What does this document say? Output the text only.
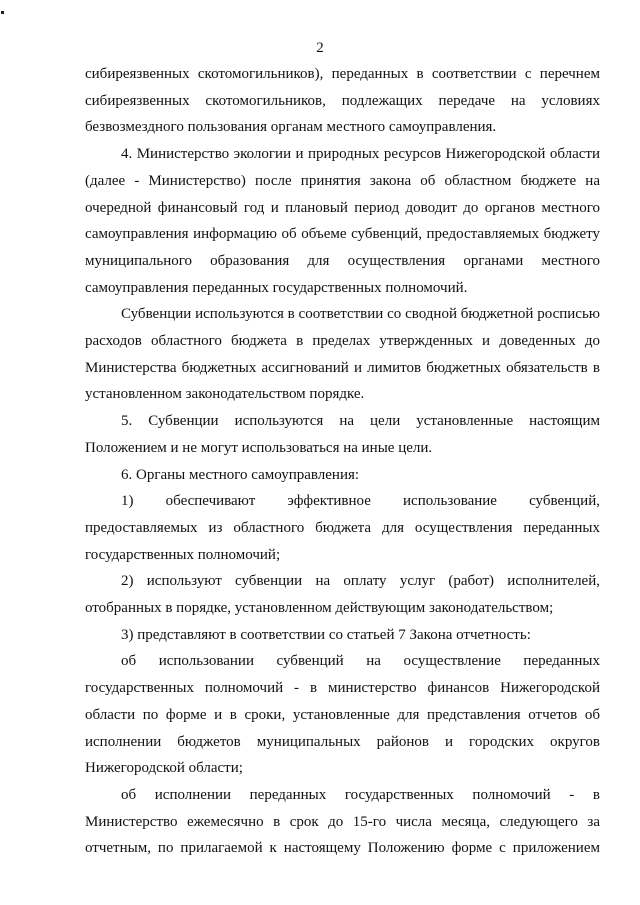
2

сибиреязвенных скотомогильников), переданных в соответствии с перечнем сибиреязвенных скотомогильников, подлежащих передаче на условиях безвозмездного пользования органам местного самоуправления.

4. Министерство экологии и природных ресурсов Нижегородской области (далее - Министерство) после принятия закона об областном бюджете на очередной финансовый год и плановый период доводит до органов местного самоуправления информацию об объеме субвенций, предоставляемых бюджету муниципального образования для осуществления органами местного самоуправления переданных государственных полномочий.

Субвенции используются в соответствии со сводной бюджетной росписью расходов областного бюджета в пределах утвержденных и доведенных до Министерства бюджетных ассигнований и лимитов бюджетных обязательств в установленном законодательством порядке.

5. Субвенции используются на цели установленные настоящим Положением и не могут использоваться на иные цели.

6. Органы местного самоуправления:

1) обеспечивают эффективное использование субвенций, предоставляемых из областного бюджета для осуществления переданных государственных полномочий;

2) используют субвенции на оплату услуг (работ) исполнителей, отобранных в порядке, установленном действующим законодательством;

3) представляют в соответствии со статьей 7 Закона отчетность:

об использовании субвенций на осуществление переданных государственных полномочий - в министерство финансов Нижегородской области по форме и в сроки, установленные для представления отчетов об исполнении бюджетов муниципальных районов и городских округов Нижегородской области;

об исполнении переданных государственных полномочий - в Министерство ежемесячно в срок до 15-го числа месяца, следующего за отчетным, по прилагаемой к настоящему Положению форме с приложением
